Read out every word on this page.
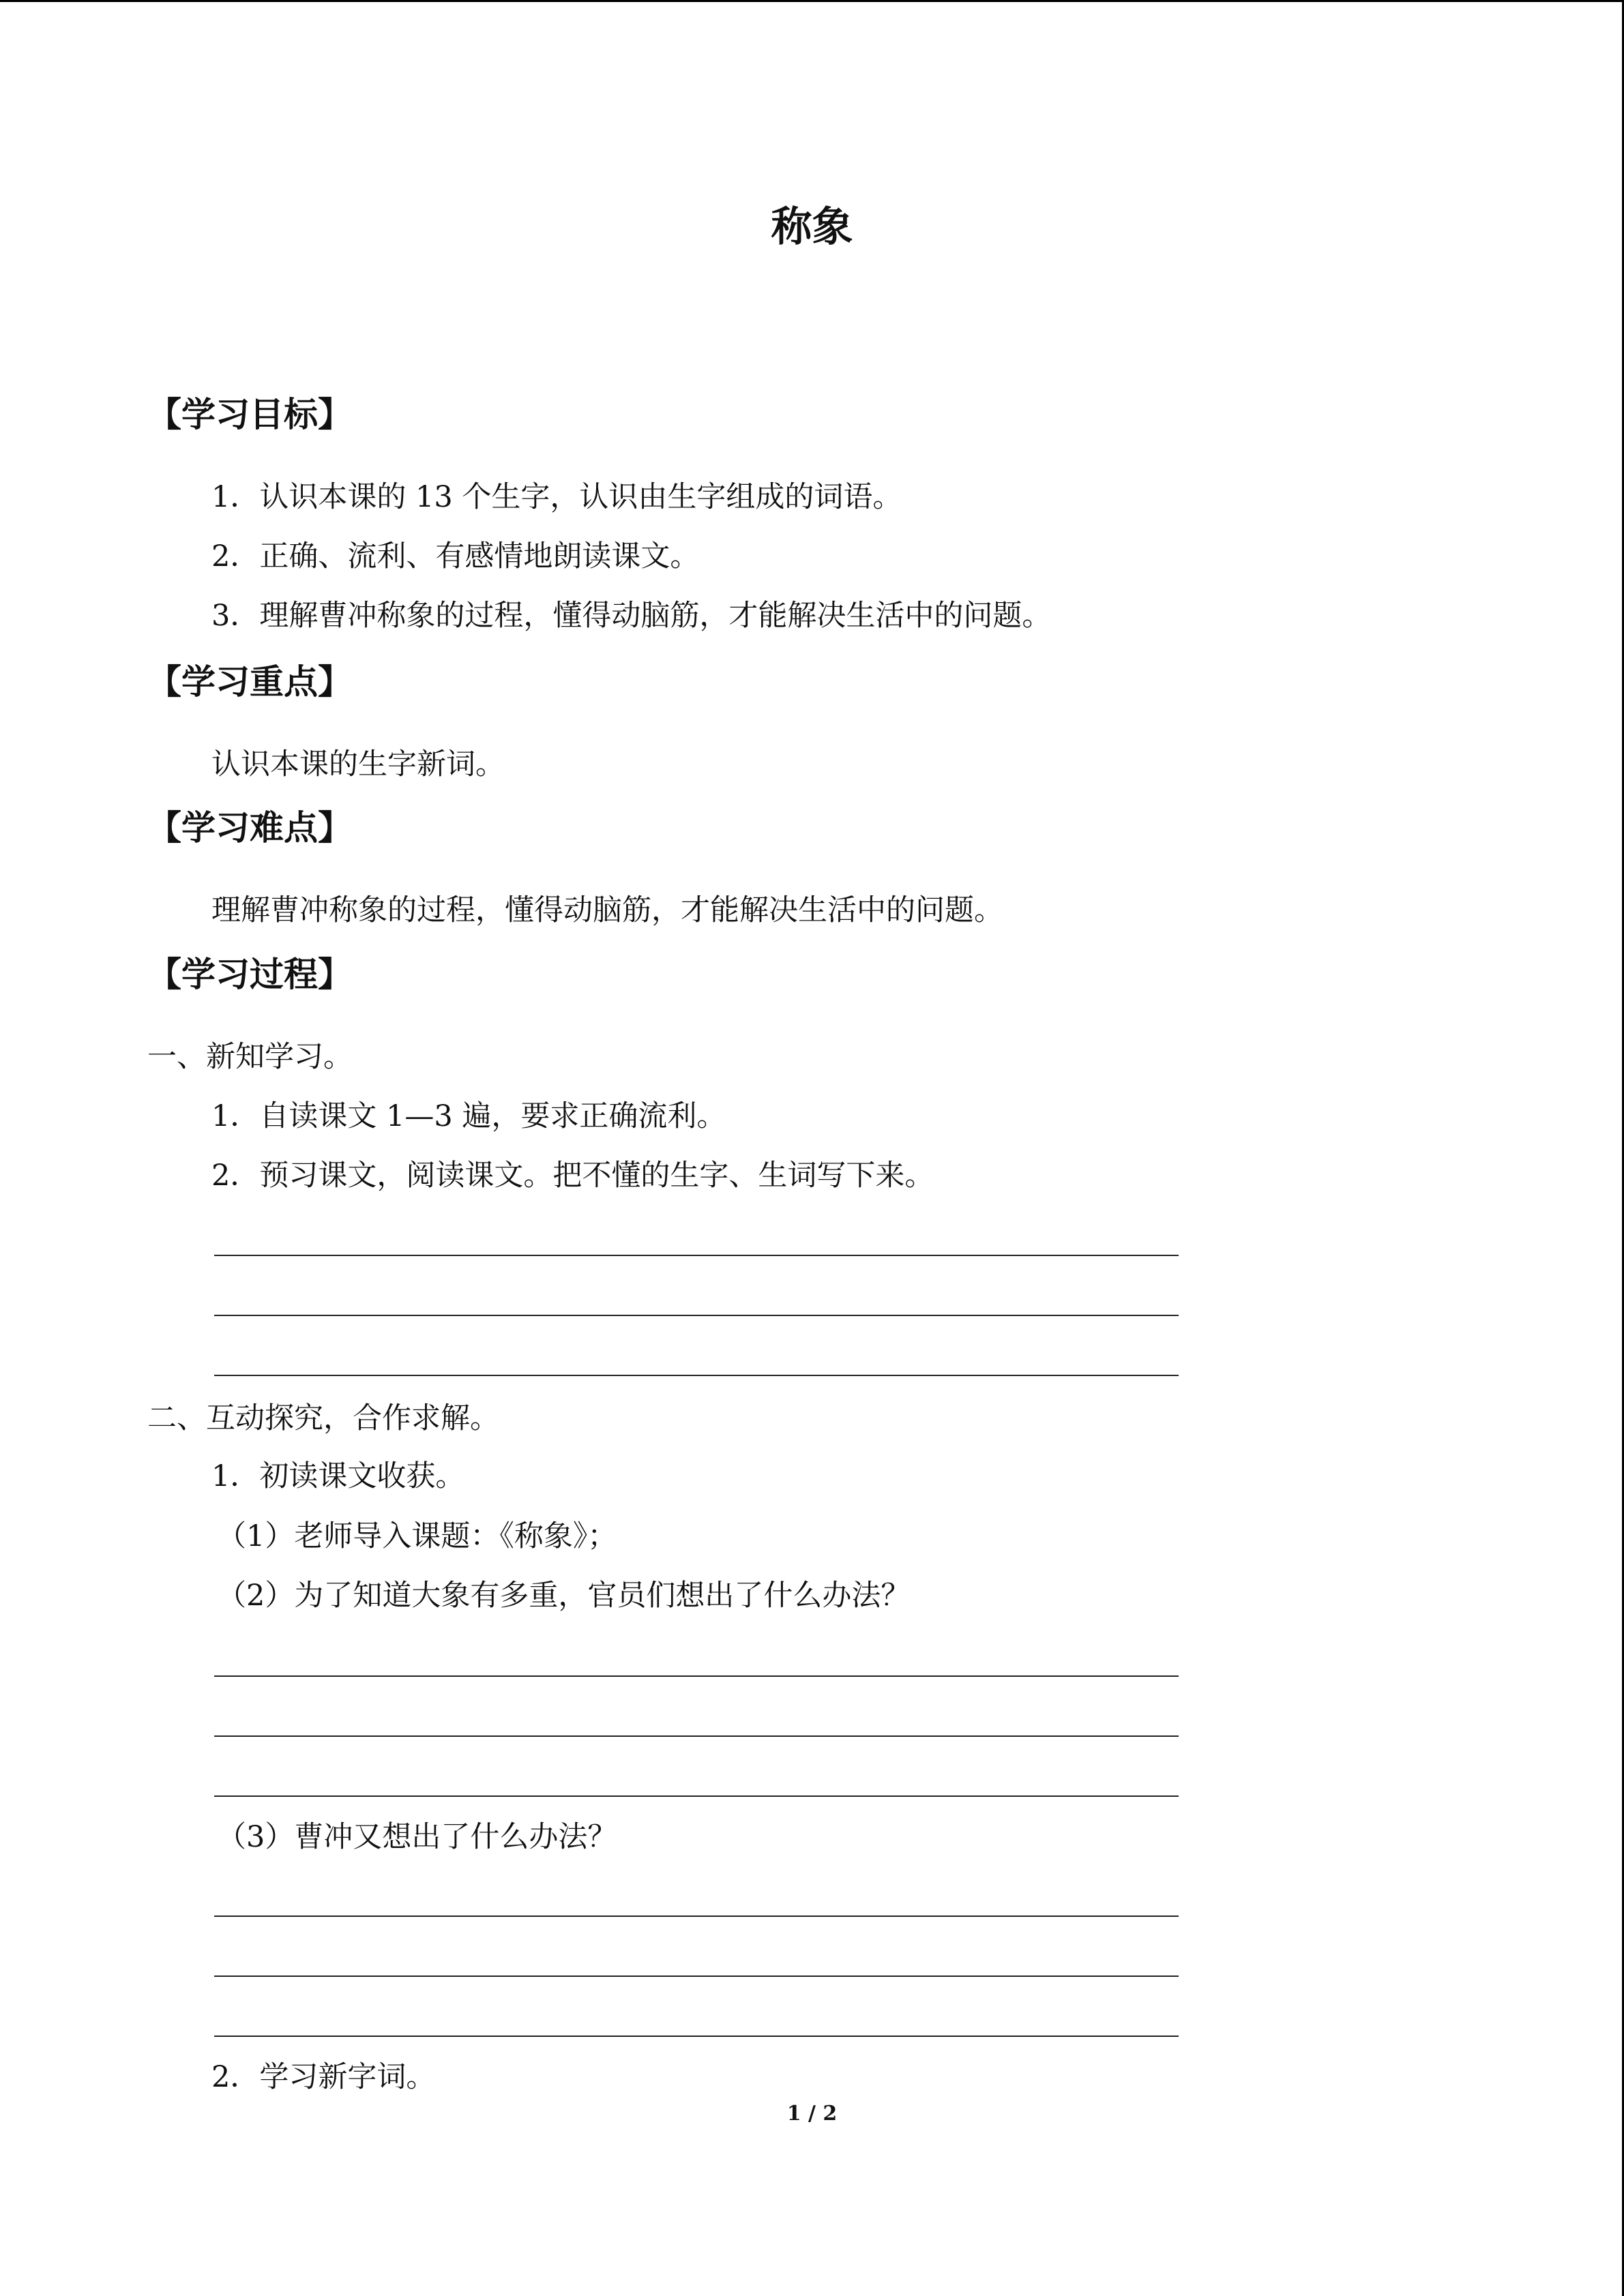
称象
【学习目标】
1．认识本课的 13 个生字，认识由生字组成的词语。
2．正确、流利、有感情地朗读课文。
3．理解曹冲称象的过程，懂得动脑筋，才能解决生活中的问题。
【学习重点】
认识本课的生字新词。
【学习难点】
理解曹冲称象的过程，懂得动脑筋，才能解决生活中的问题。
【学习过程】
一、新知学习。
1．自读课文 1—3 遍，要求正确流利。
2．预习课文，阅读课文。把不懂的生字、生词写下来。
二、互动探究，合作求解。
1．初读课文收获。
（1）老师导入课题：《称象》；
（2）为了知道大象有多重，官员们想出了什么办法？
（3）曹冲又想出了什么办法？
2．学习新字词。
1 / 2
